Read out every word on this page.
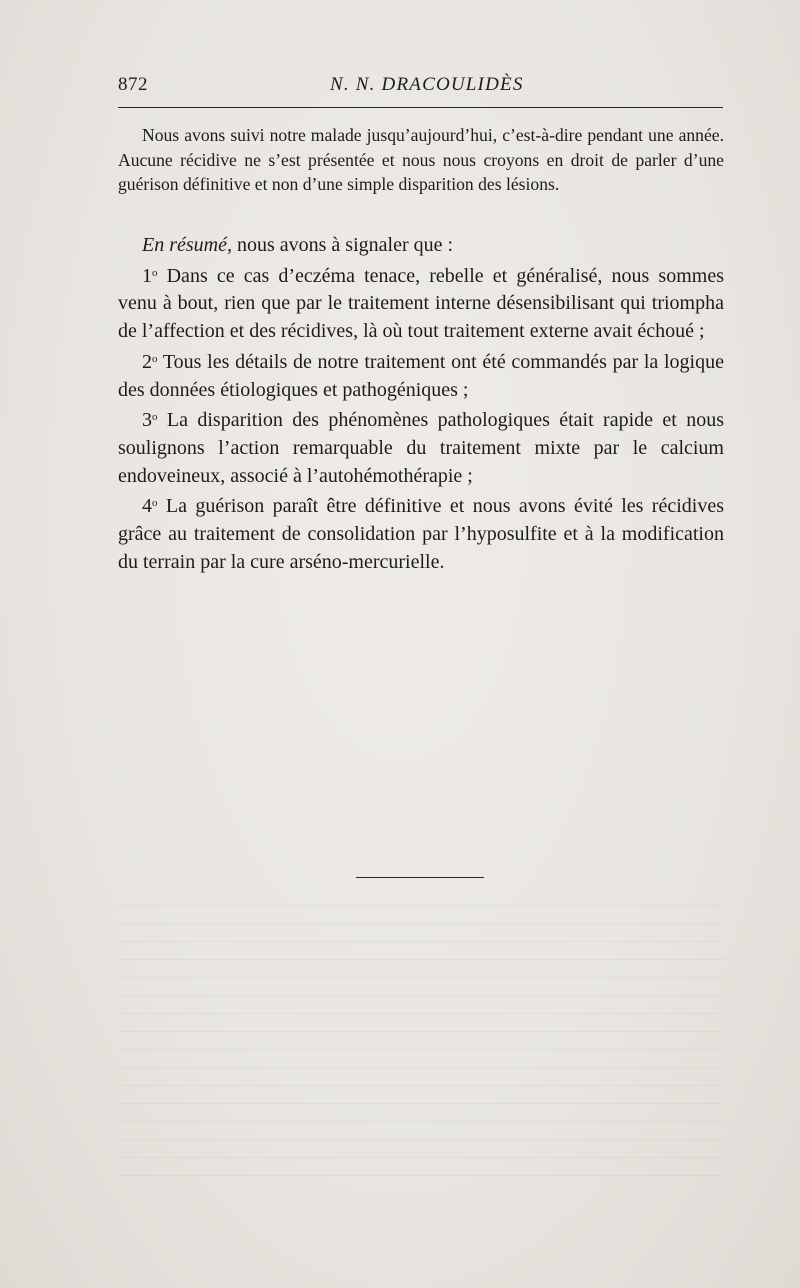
872	N. N. DRACOULIDÈS

Nous avons suivi notre malade jusqu’aujourd’hui, c’est-à-dire pendant une année. Aucune récidive ne s’est présentée et nous nous croyons en droit de parler d’une guérison définitive et non d’une simple disparition des lésions.

En résumé, nous avons à signaler que :

1$^o$ Dans ce cas d’eczéma tenace, rebelle et généralisé, nous sommes venu à bout, rien que par le traitement interne désensibilisant qui triompha de l’affection et des récidives, là où tout traitement externe avait échoué ;

2$^o$ Tous les détails de notre traitement ont été commandés par la logique des données étiologiques et pathogéniques ;

3$^o$ La disparition des phénomènes pathologiques était rapide et nous soulignons l’action remarquable du traitement mixte par le calcium endoveineux, associé à l’autohémothérapie ;

4$^o$ La guérison paraît être définitive et nous avons évité les récidives grâce au traitement de consolidation par l’hyposulfite et à la modification du terrain par la cure arséno-mercurielle.
